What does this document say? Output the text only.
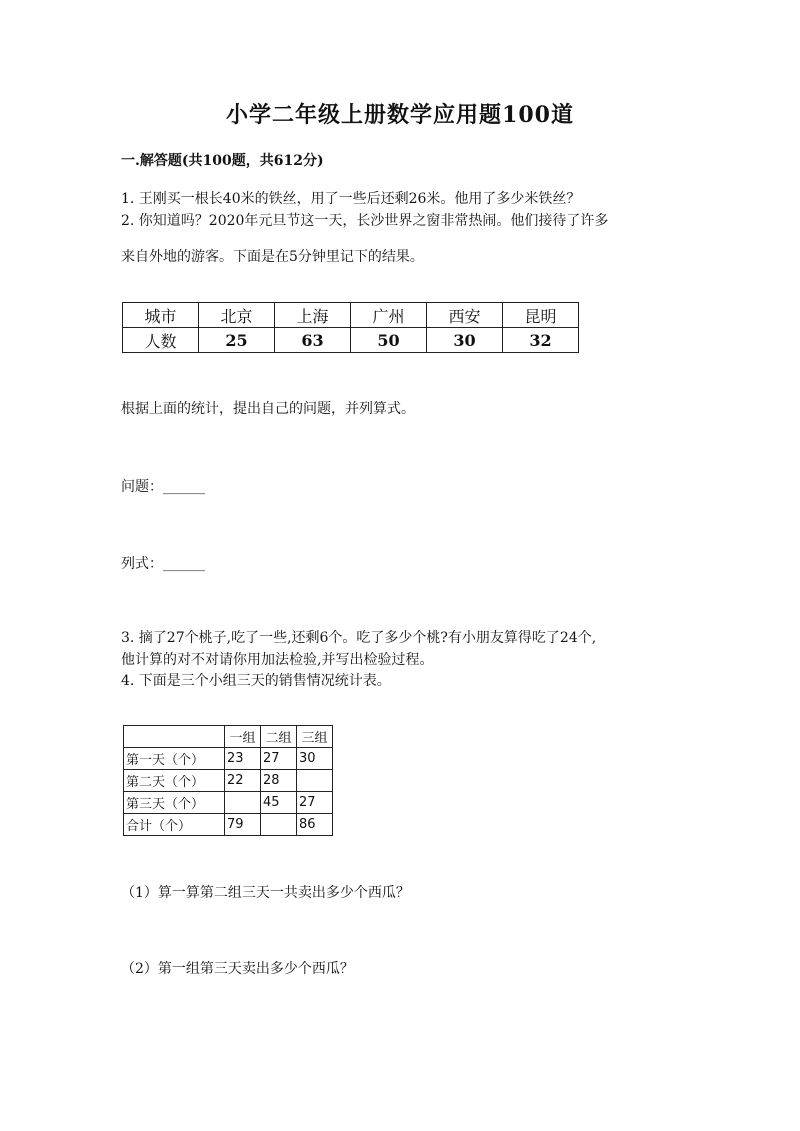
小学二年级上册数学应用题100道
一.解答题(共100题，共612分)
1. 王刚买一根长40米的铁丝，用了一些后还剩26米。他用了多少米铁丝？
2. 你知道吗？2020年元旦节这一天，长沙世界之窗非常热闹。他们接待了许多
来自外地的游客。下面是在5分钟里记下的结果。
城市	北京	上海	广州	西安	昆明
人数	25	63	50	30	32
根据上面的统计，提出自己的问题，并列算式。
问题：______
列式：______
3. 摘了27个桃子,吃了一些,还剩6个。吃了多少个桃?有小朋友算得吃了24个,
他计算的对不对请你用加法检验,并写出检验过程。
4. 下面是三个小组三天的销售情况统计表。
	一组	二组	三组
第一天（个）	23	27	30
第二天（个）	22	28	
第三天（个）		45	27
合计（个）	79		86
（1）算一算第二组三天一共卖出多少个西瓜？
（2）第一组第三天卖出多少个西瓜？
